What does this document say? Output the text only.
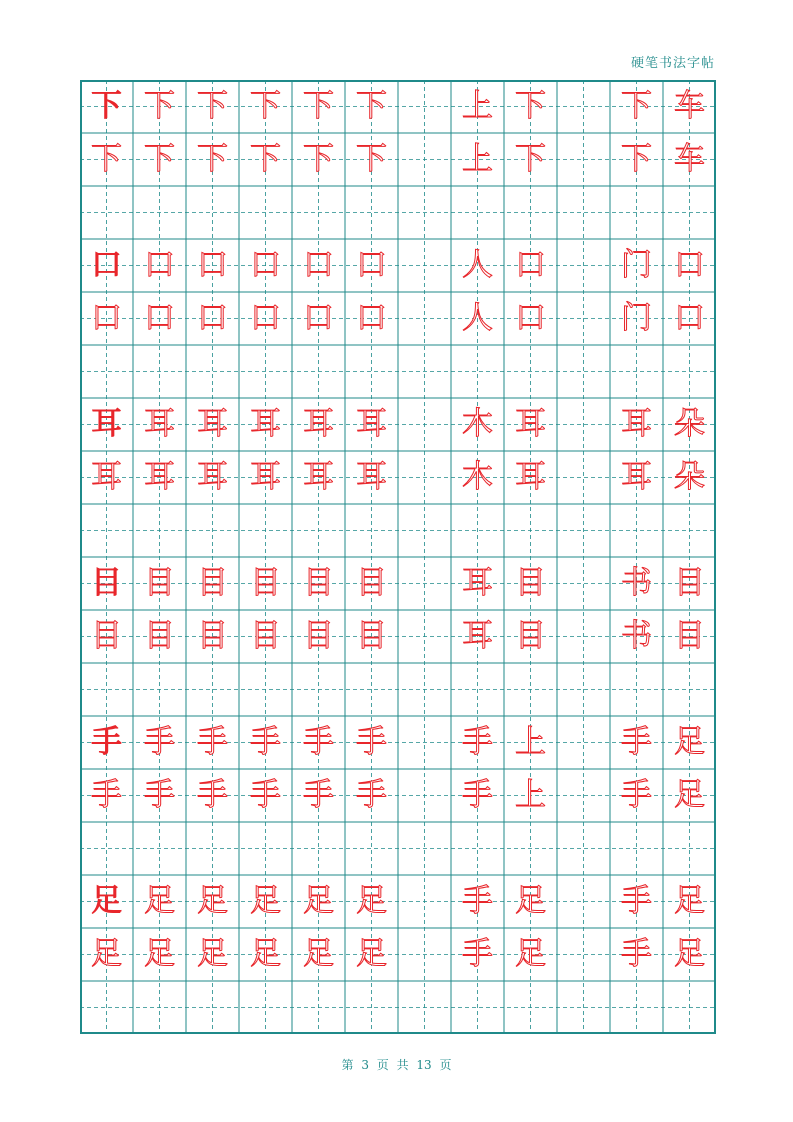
硬笔书法字帖
下 下 下 下 下 下	上 下	下 车
下 下 下 下 下 下	上 下	下 车
口 口 口 口 口 口	人 口	门 口
口 口 口 口 口 口	人 口	门 口
耳 耳 耳 耳 耳 耳	木 耳	耳 朵
耳 耳 耳 耳 耳 耳	木 耳	耳 朵
目 目 目 目 目 目	耳 目	书 目
目 目 目 目 目 目	耳 目	书 目
手 手 手 手 手 手	手 上	手 足
手 手 手 手 手 手	手 上	手 足
足 足 足 足 足 足	手 足	手 足
足 足 足 足 足 足	手 足	手 足
第 3 页 共 13 页
